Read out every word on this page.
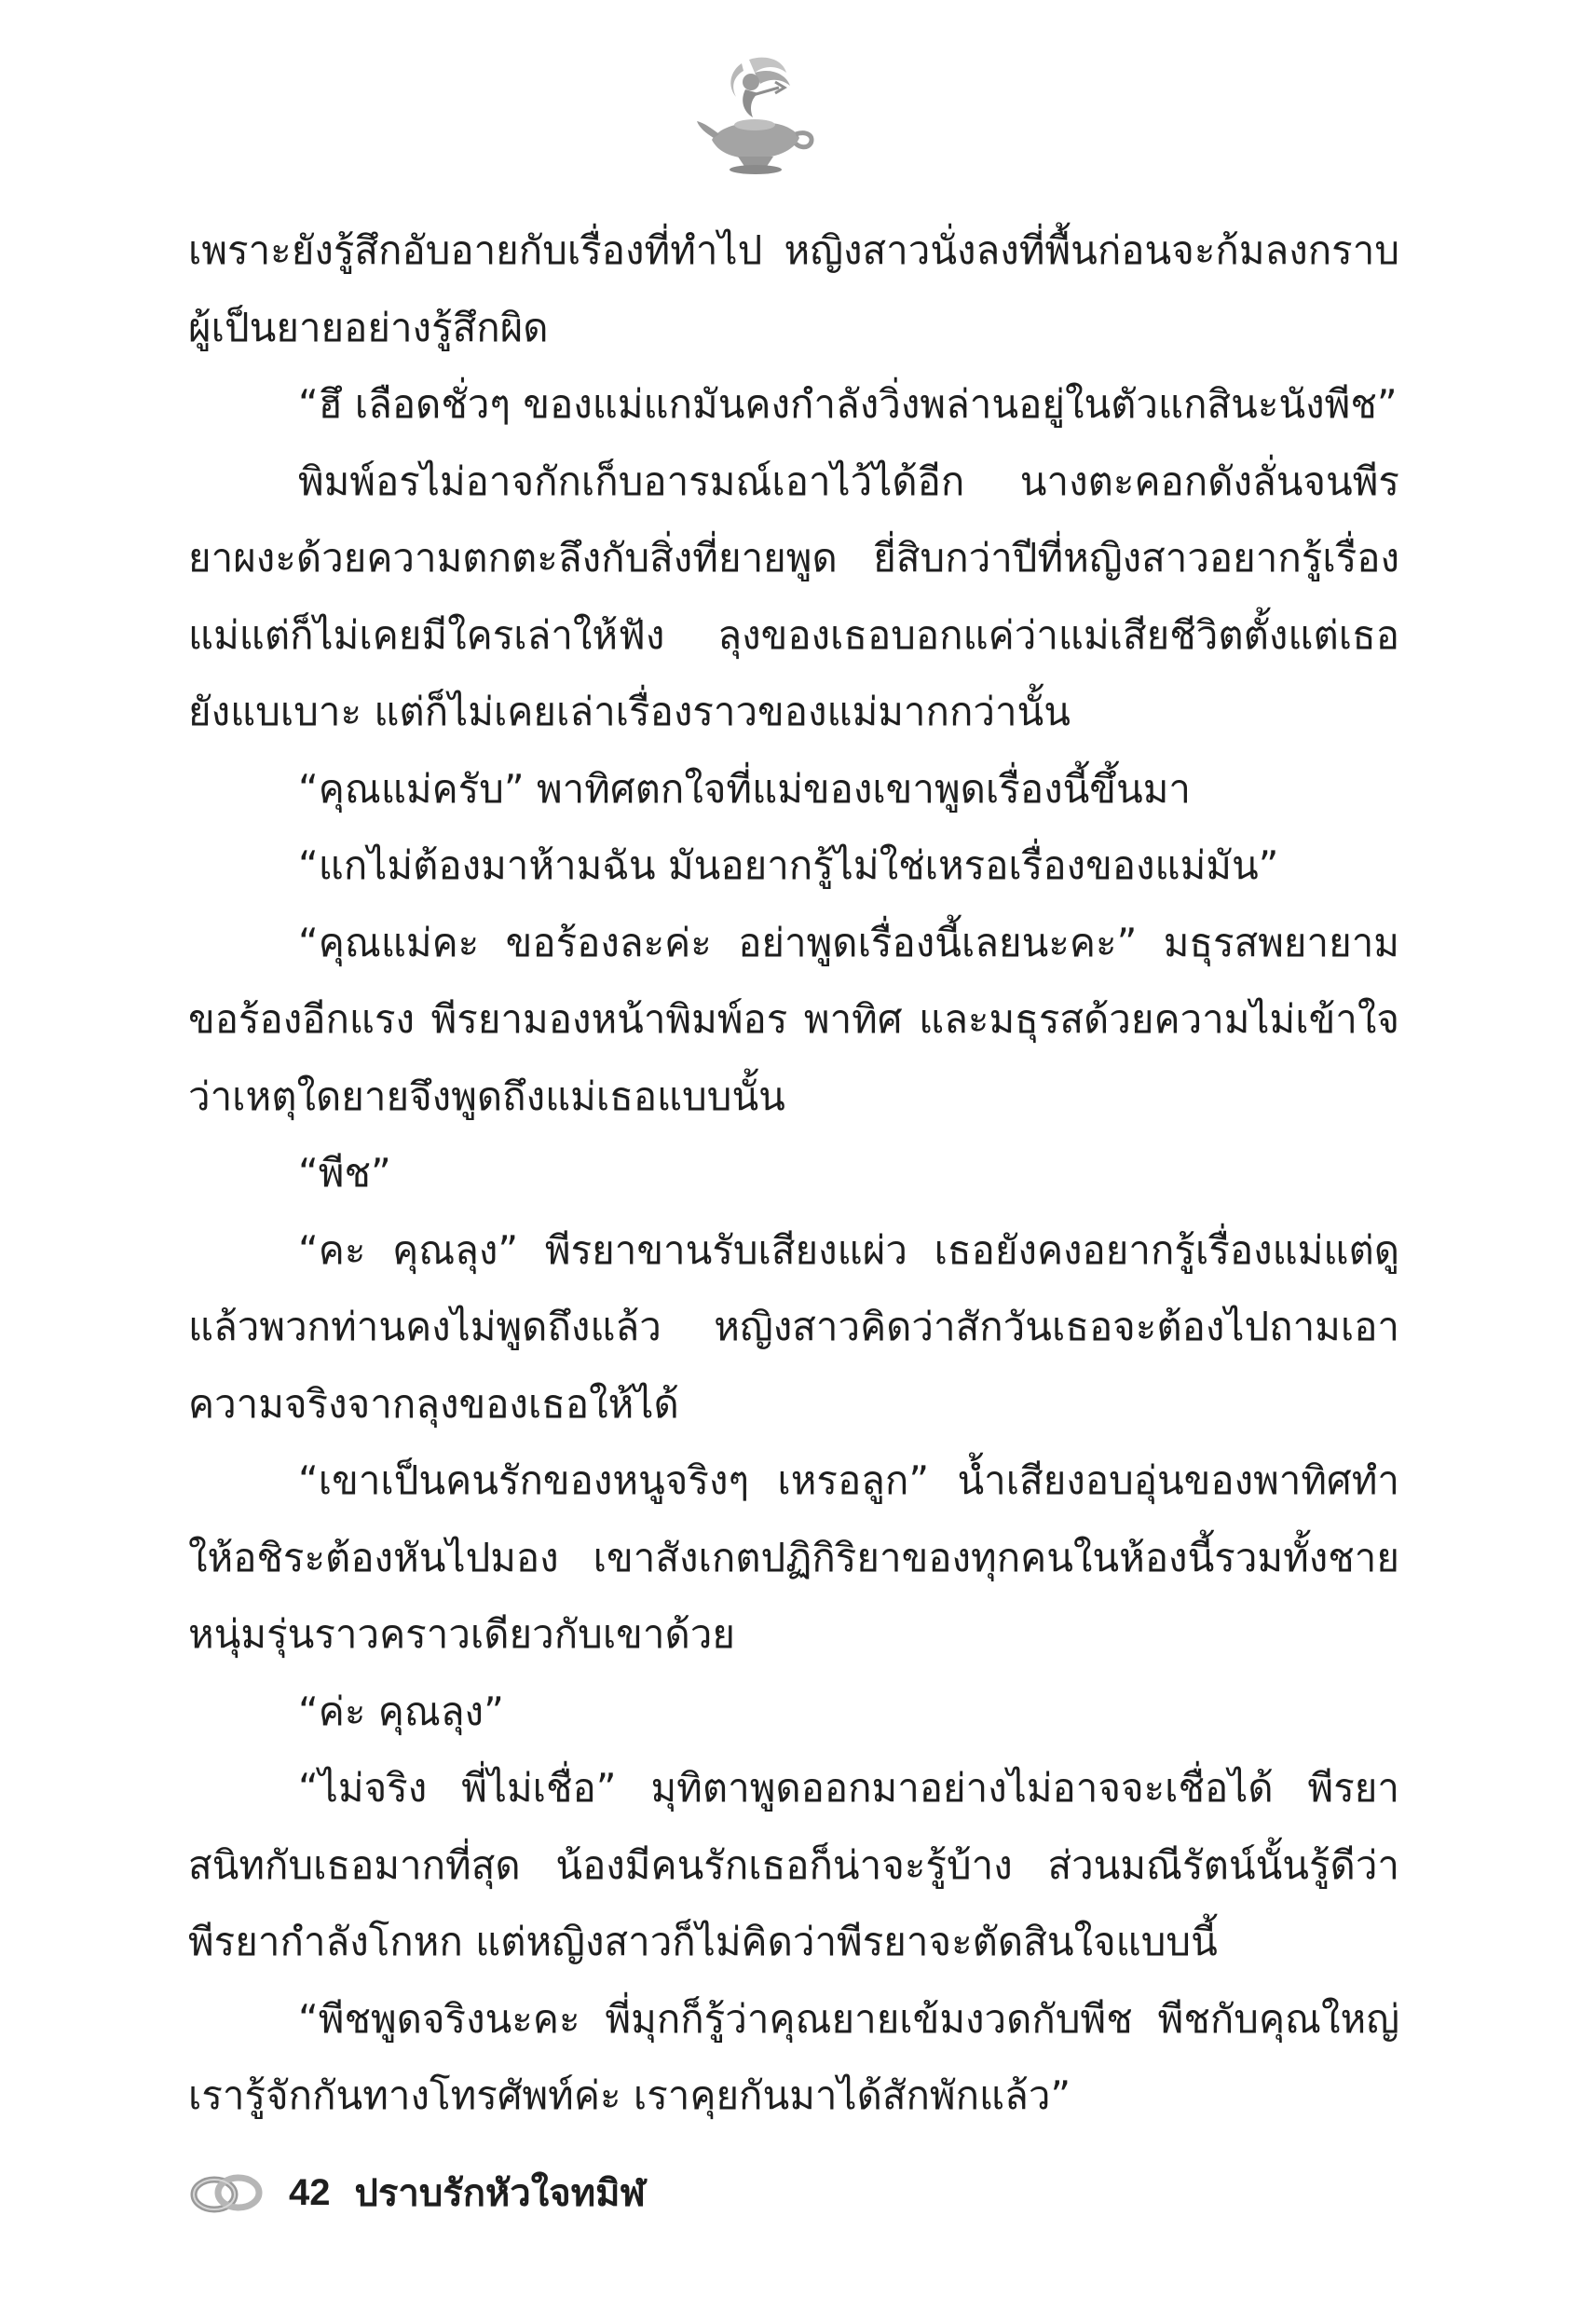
เพราะยังรู้สึกอับอายกับเรื่องที่ทำไป หญิงสาวนั่งลงที่พื้นก่อนจะก้มลงกราบผู้เป็นยายอย่างรู้สึกผิด

“ฮึ เลือดชั่วๆ ของแม่แกมันคงกำลังวิ่งพล่านอยู่ในตัวแกสินะนังพีช”

พิมพ์อรไม่อาจกักเก็บอารมณ์เอาไว้ได้อีก นางตะคอกดังลั่นจนพีรยาผงะด้วยความตกตะลึงกับสิ่งที่ยายพูด ยี่สิบกว่าปีที่หญิงสาวอยากรู้เรื่องแม่แต่ก็ไม่เคยมีใครเล่าให้ฟัง ลุงของเธอบอกแค่ว่าแม่เสียชีวิตตั้งแต่เธอยังแบเบาะ แต่ก็ไม่เคยเล่าเรื่องราวของแม่มากกว่านั้น

“คุณแม่ครับ” พาทิศตกใจที่แม่ของเขาพูดเรื่องนี้ขึ้นมา

“แกไม่ต้องมาห้ามฉัน มันอยากรู้ไม่ใช่เหรอเรื่องของแม่มัน”

“คุณแม่คะ ขอร้องละค่ะ อย่าพูดเรื่องนี้เลยนะคะ” มธุรสพยายามขอร้องอีกแรง พีรยามองหน้าพิมพ์อร พาทิศ และมธุรสด้วยความไม่เข้าใจว่าเหตุใดยายจึงพูดถึงแม่เธอแบบนั้น

“พีช”

“คะ คุณลุง” พีรยาขานรับเสียงแผ่ว เธอยังคงอยากรู้เรื่องแม่แต่ดูแล้วพวกท่านคงไม่พูดถึงแล้ว หญิงสาวคิดว่าสักวันเธอจะต้องไปถามเอาความจริงจากลุงของเธอให้ได้

“เขาเป็นคนรักของหนูจริงๆ เหรอลูก” น้ำเสียงอบอุ่นของพาทิศทำให้อชิระต้องหันไปมอง เขาสังเกตปฏิกิริยาของทุกคนในห้องนี้รวมทั้งชายหนุ่มรุ่นราวคราวเดียวกับเขาด้วย

“ค่ะ คุณลุง”

“ไม่จริง พี่ไม่เชื่อ” มุทิตาพูดออกมาอย่างไม่อาจจะเชื่อได้ พีรยาสนิทกับเธอมากที่สุด น้องมีคนรักเธอก็น่าจะรู้บ้าง ส่วนมณีรัตน์นั้นรู้ดีว่าพีรยากำลังโกหก แต่หญิงสาวก็ไม่คิดว่าพีรยาจะตัดสินใจแบบนี้

“พีชพูดจริงนะคะ พี่มุกก็รู้ว่าคุณยายเข้มงวดกับพีช พีชกับคุณใหญ่เรารู้จักกันทางโทรศัพท์ค่ะ เราคุยกันมาได้สักพักแล้ว”

42 ปราบรักหัวใจทมิฬ
